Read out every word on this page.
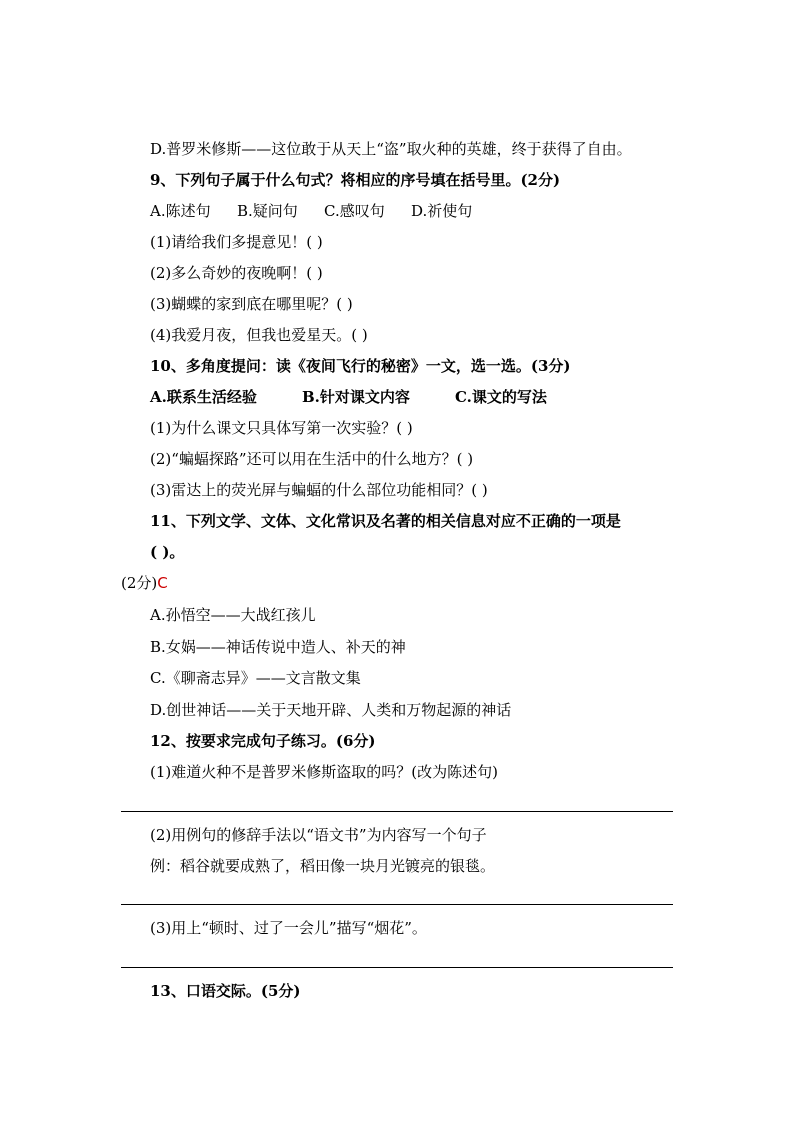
D.普罗米修斯——这位敢于从天上“盗”取火种的英雄，终于获得了自由。
9、下列句子属于什么句式？将相应的序号填在括号里。(2分)
A.陈述句 B.疑问句 C.感叹句 D.祈使句
(1)请给我们多提意见！( )
(2)多么奇妙的夜晚啊！( )
(3)蝴蝶的家到底在哪里呢？( )
(4)我爱月夜，但我也爱星天。( )
10、多角度提问：读《夜间飞行的秘密》一文，选一选。(3分)
A.联系生活经验	B.针对课文内容	C.课文的写法
(1)为什么课文只具体写第一次实验？( )
(2)“蝙蝠探路”还可以用在生活中的什么地方？( )
(3)雷达上的荧光屏与蝙蝠的什么部位功能相同？( )
11、下列文学、文体、文化常识及名著的相关信息对应不正确的一项是
( )。
(2分)C
A.孙悟空——大战红孩儿
B.女娲——神话传说中造人、补天的神
C.《聊斋志异》——文言散文集
D.创世神话——关于天地开辟、人类和万物起源的神话
12、按要求完成句子练习。(6分)
(1)难道火种不是普罗米修斯盗取的吗？(改为陈述句)
(2)用例句的修辞手法以“语文书”为内容写一个句子
例：稻谷就要成熟了，稻田像一块月光镀亮的银毯。
(3)用上“顿时、过了一会儿”描写“烟花”。
13、口语交际。(5分)
